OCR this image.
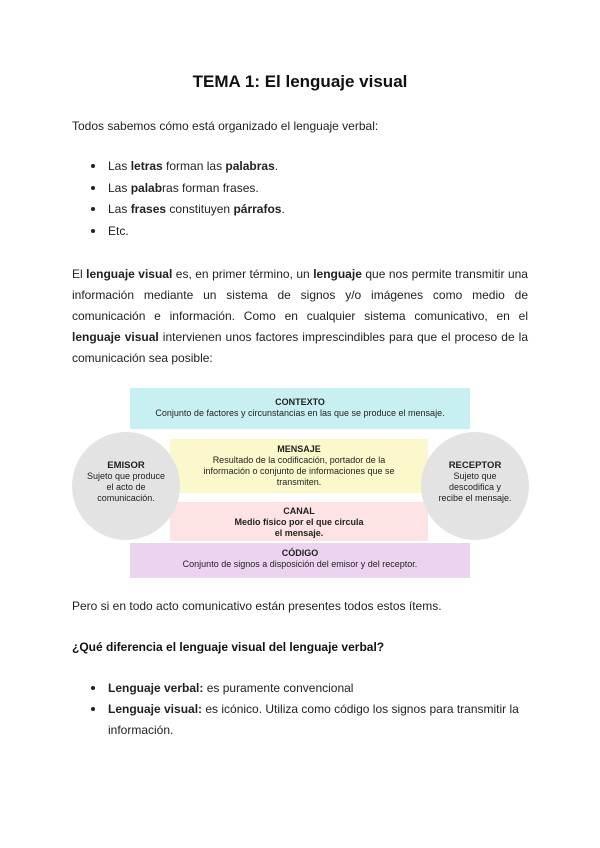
TEMA 1: El lenguaje visual
Todos sabemos cómo está organizado el lenguaje verbal:
Las letras forman las palabras.
Las palabras forman frases.
Las frases constituyen párrafos.
Etc.
El lenguaje visual es, en primer término, un lenguaje que nos permite transmitir una información mediante un sistema de signos y/o imágenes como medio de comunicación e información. Como en cualquier sistema comunicativo, en el lenguaje visual intervienen unos factores imprescindibles para que el proceso de la comunicación sea posible:
CONTEXTO
Conjunto de factores y circunstancias en las que se produce el mensaje.
MENSAJE
Resultado de la codificación, portador de la información o conjunto de informaciones que se transmiten.
CANAL
Medio físico por el que circula el mensaje.
CÓDIGO
Conjunto de signos a disposición del emisor y del receptor.
EMISOR
Sujeto que produce el acto de comunicación.
RECEPTOR
Sujeto que descodifica y recibe el mensaje.
Pero si en todo acto comunicativo están presentes todos estos ítems.
¿Qué diferencia el lenguaje visual del lenguaje verbal?
Lenguaje verbal: es puramente convencional
Lenguaje visual: es icónico. Utiliza como código los signos para transmitir la información.
